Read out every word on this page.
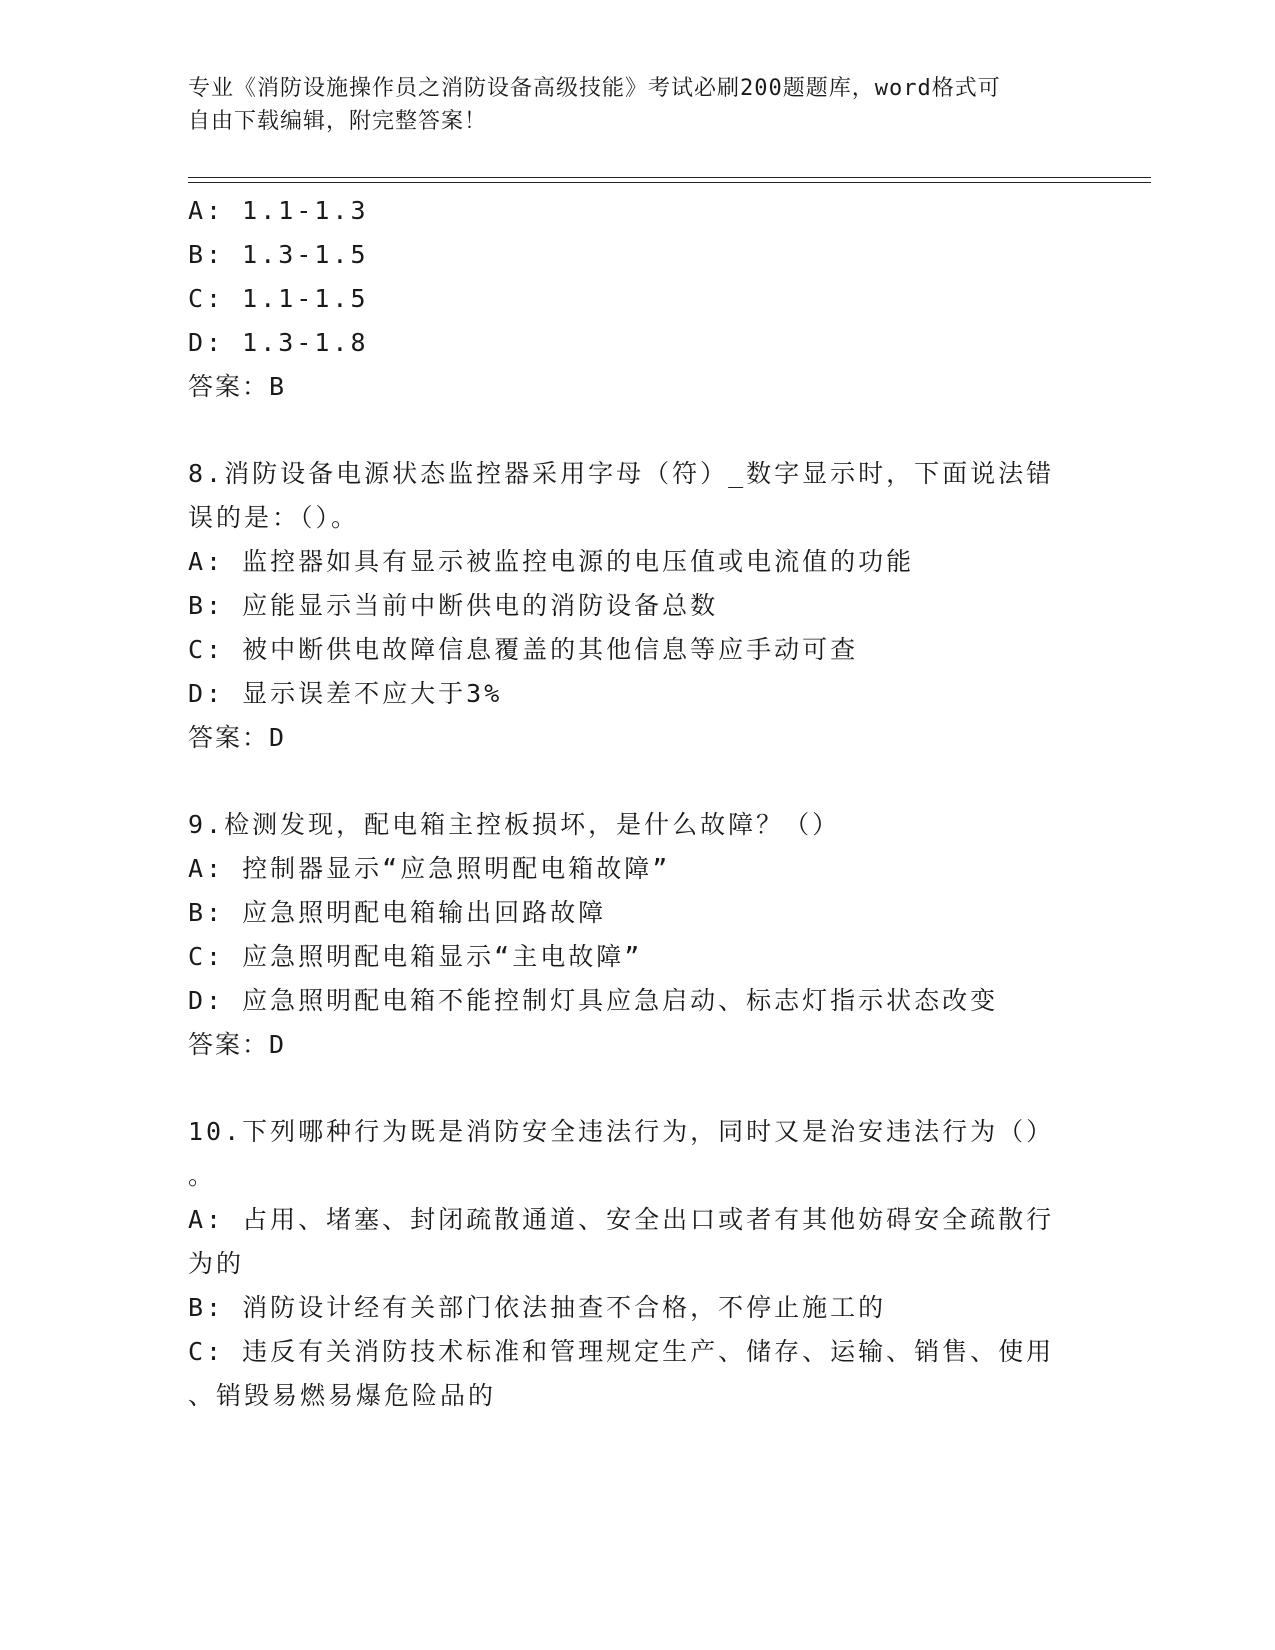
专业《消防设施操作员之消防设备高级技能》考试必刷200题题库，word格式可
自由下载编辑，附完整答案！
A: 1.1-1.3
B: 1.3-1.5
C: 1.1-1.5
D: 1.3-1.8
答案：B
8.消防设备电源状态监控器采用字母（符）_数字显示时，下面说法错
误的是：（）。
A: 监控器如具有显示被监控电源的电压值或电流值的功能
B: 应能显示当前中断供电的消防设备总数
C: 被中断供电故障信息覆盖的其他信息等应手动可查
D: 显示误差不应大于3%
答案：D
9.检测发现，配电箱主控板损坏，是什么故障？（）
A: 控制器显示“应急照明配电箱故障”
B: 应急照明配电箱输出回路故障
C: 应急照明配电箱显示“主电故障”
D: 应急照明配电箱不能控制灯具应急启动、标志灯指示状态改变
答案：D
10.下列哪种行为既是消防安全违法行为，同时又是治安违法行为（）
。
A: 占用、堵塞、封闭疏散通道、安全出口或者有其他妨碍安全疏散行
为的
B: 消防设计经有关部门依法抽查不合格，不停止施工的
C: 违反有关消防技术标准和管理规定生产、储存、运输、销售、使用
、销毁易燃易爆危险品的
